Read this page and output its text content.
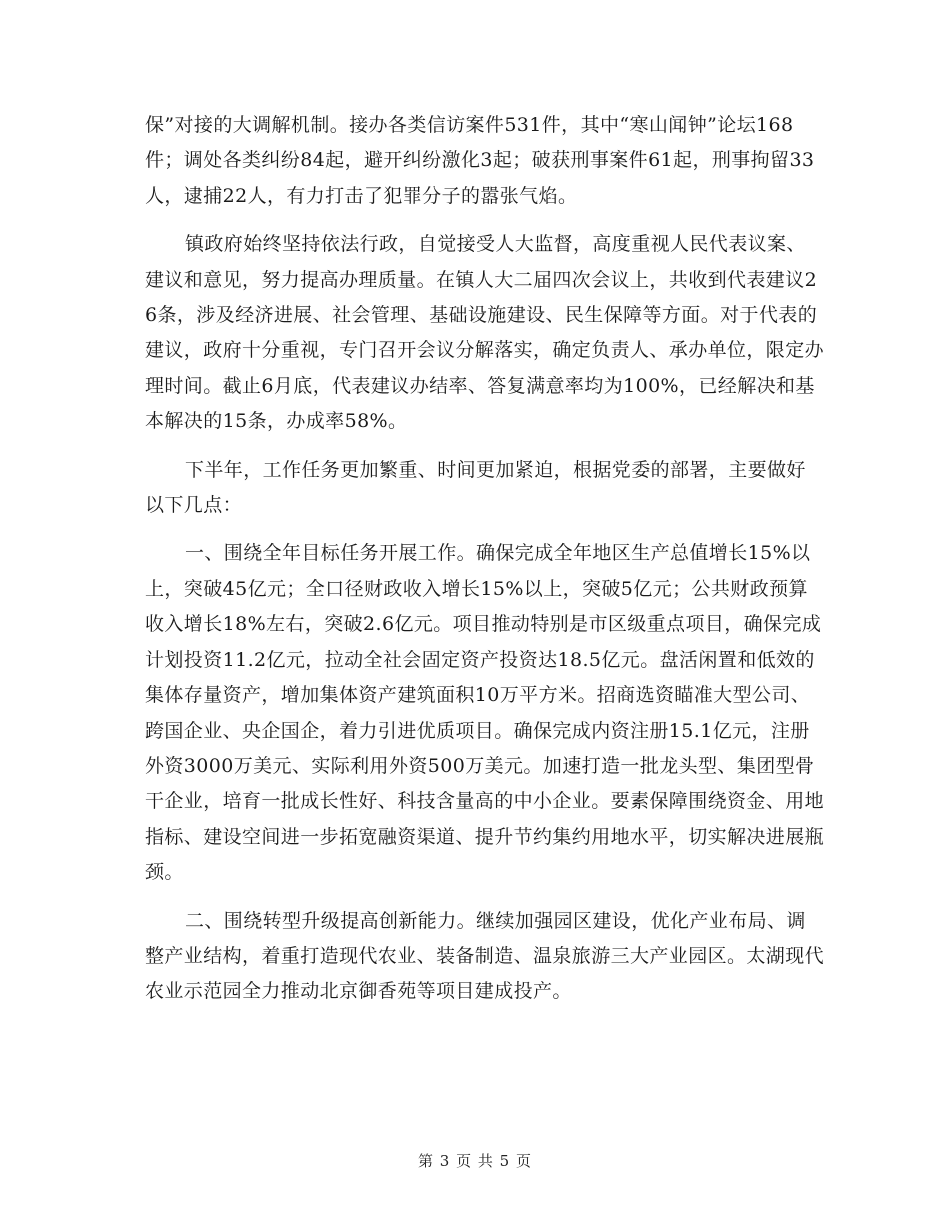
保”对接的大调解机制。接办各类信访案件531件，其中“寒山闻钟”论坛168件；调处各类纠纷84起，避开纠纷激化3起；破获刑事案件61起，刑事拘留33人，逮捕22人，有力打击了犯罪分子的嚣张气焰。

镇政府始终坚持依法行政，自觉接受人大监督，高度重视人民代表议案、建议和意见，努力提高办理质量。在镇人大二届四次会议上，共收到代表建议26条，涉及经济进展、社会管理、基础设施建设、民生保障等方面。对于代表的建议，政府十分重视，专门召开会议分解落实，确定负责人、承办单位，限定办理时间。截止6月底，代表建议办结率、答复满意率均为100%，已经解决和基本解决的15条，办成率58%。

下半年，工作任务更加繁重、时间更加紧迫，根据党委的部署，主要做好以下几点：

一、围绕全年目标任务开展工作。确保完成全年地区生产总值增长15%以上，突破45亿元；全口径财政收入增长15%以上，突破5亿元；公共财政预算收入增长18%左右，突破2.6亿元。项目推动特别是市区级重点项目，确保完成计划投资11.2亿元，拉动全社会固定资产投资达18.5亿元。盘活闲置和低效的集体存量资产，增加集体资产建筑面积10万平方米。招商选资瞄准大型公司、跨国企业、央企国企，着力引进优质项目。确保完成内资注册15.1亿元，注册外资3000万美元、实际利用外资500万美元。加速打造一批龙头型、集团型骨干企业，培育一批成长性好、科技含量高的中小企业。要素保障围绕资金、用地指标、建设空间进一步拓宽融资渠道、提升节约集约用地水平，切实解决进展瓶颈。

二、围绕转型升级提高创新能力。继续加强园区建设，优化产业布局、调整产业结构，着重打造现代农业、装备制造、温泉旅游三大产业园区。太湖现代农业示范园全力推动北京御香苑等项目建成投产。

第 3 页 共 5 页
